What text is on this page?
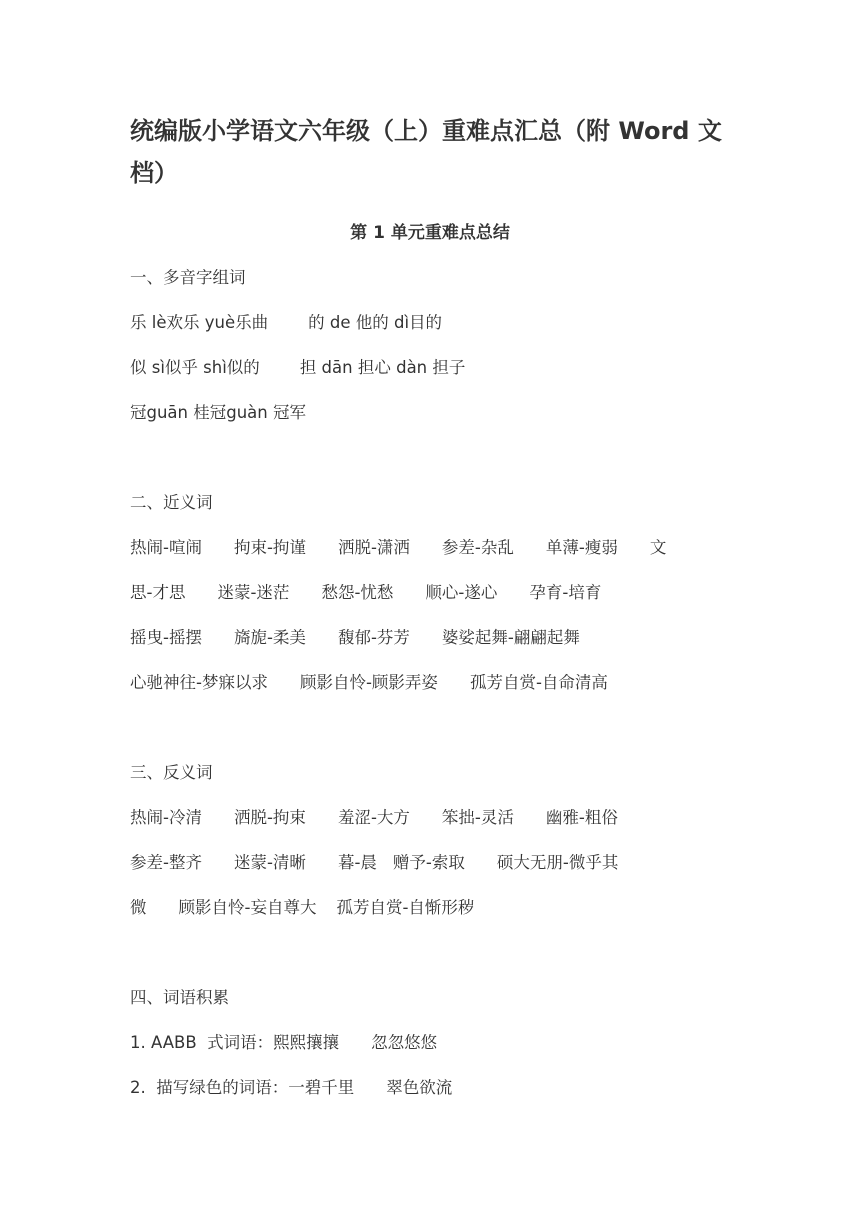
统编版小学语文六年级（上）重难点汇总（附 Word 文档）
第 1 单元重难点总结
一、多音字组词
乐 lè欢乐 yuè乐曲 的 de 他的 dì目的
似 sì似乎 shì似的 担 dān 担心 dàn 担子
冠guān 桂冠guàn 冠军
二、近义词
热闹-喧闹 拘束-拘谨 洒脱-潇洒 参差-杂乱 单薄-瘦弱 文
思-才思 迷蒙-迷茫 愁怨-忧愁 顺心-遂心 孕育-培育
摇曳-摇摆 旖旎-柔美 馥郁-芬芳 婆娑起舞-翩翩起舞
心驰神往-梦寐以求 顾影自怜-顾影弄姿 孤芳自赏-自命清高
三、反义词
热闹-冷清 洒脱-拘束 羞涩-大方 笨拙-灵活 幽雅-粗俗
参差-整齐 迷蒙-清晰 暮-晨 赠予-索取 硕大无朋-微乎其
微 顾影自怜-妄自尊大 孤芳自赏-自惭形秽
四、词语积累
1. AABB  式词语：熙熙攘攘 忽忽悠悠
2.  描写绿色的词语：一碧千里 翠色欲流
